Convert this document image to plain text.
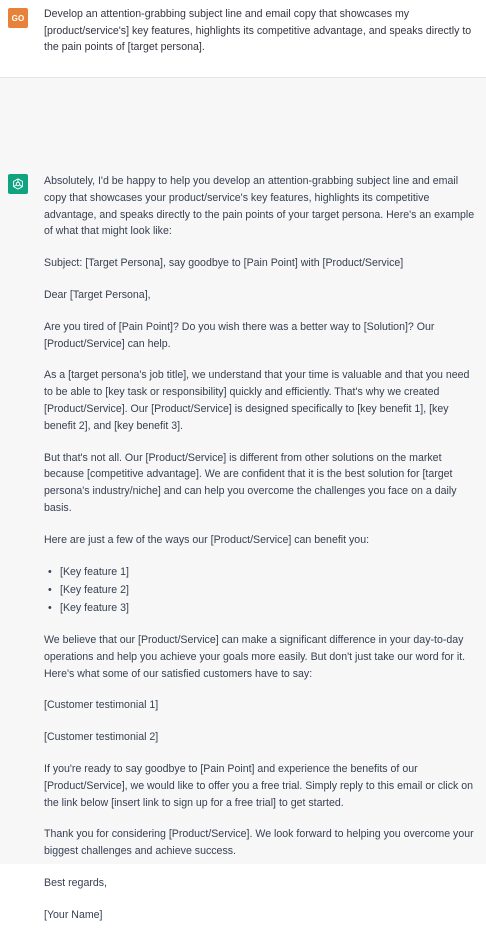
GO	Develop an attention-grabbing subject line and email copy that showcases my [product/service's] key features, highlights its competitive advantage, and speaks directly to the pain points of [target persona].

Absolutely, I'd be happy to help you develop an attention-grabbing subject line and email copy that showcases your product/service's key features, highlights its competitive advantage, and speaks directly to the pain points of your target persona. Here's an example of what that might look like:

Subject: [Target Persona], say goodbye to [Pain Point] with [Product/Service]

Dear [Target Persona],

Are you tired of [Pain Point]? Do you wish there was a better way to [Solution]? Our [Product/Service] can help.

As a [target persona's job title], we understand that your time is valuable and that you need to be able to [key task or responsibility] quickly and efficiently. That's why we created [Product/Service]. Our [Product/Service] is designed specifically to [key benefit 1], [key benefit 2], and [key benefit 3].

But that's not all. Our [Product/Service] is different from other solutions on the market because [competitive advantage]. We are confident that it is the best solution for [target persona's industry/niche] and can help you overcome the challenges you face on a daily basis.

Here are just a few of the ways our [Product/Service] can benefit you:

• [Key feature 1]
• [Key feature 2]
• [Key feature 3]

We believe that our [Product/Service] can make a significant difference in your day-to-day operations and help you achieve your goals more easily. But don't just take our word for it. Here's what some of our satisfied customers have to say:

[Customer testimonial 1]

[Customer testimonial 2]

If you're ready to say goodbye to [Pain Point] and experience the benefits of our [Product/Service], we would like to offer you a free trial. Simply reply to this email or click on the link below [insert link to sign up for a free trial] to get started.

Thank you for considering [Product/Service]. We look forward to helping you overcome your biggest challenges and achieve success.

Best regards,

[Your Name]
